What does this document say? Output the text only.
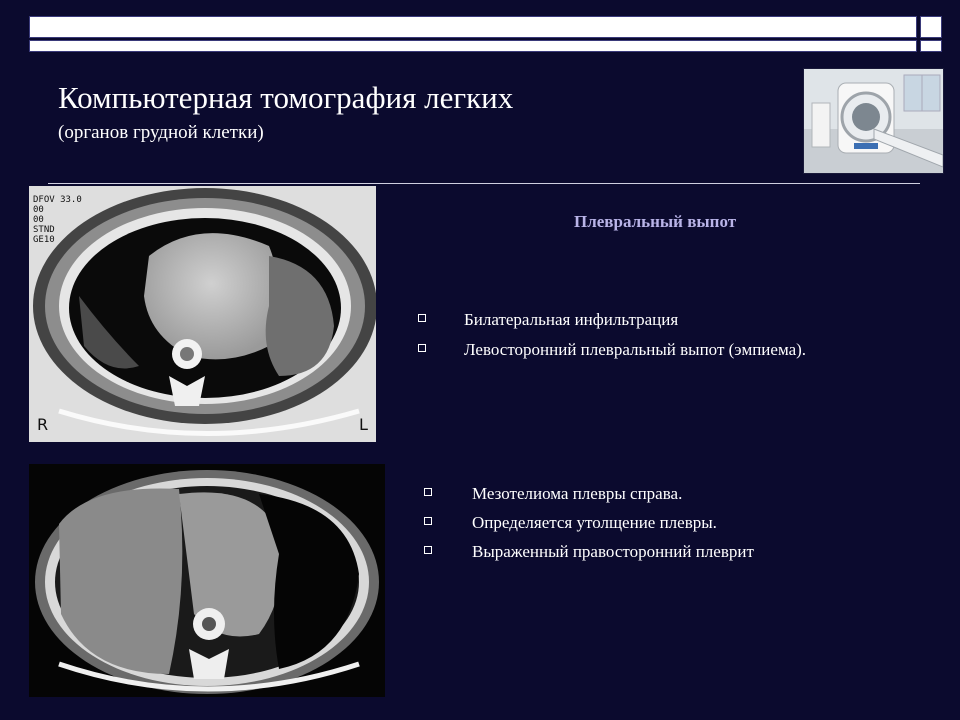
Компьютерная томография легких
(органов грудной клетки)
DFOV 33.0
00
00
STND
GE10
R	L
Плевральный выпот
Билатеральная инфильтрация
Левосторонний плевральный выпот (эмпиема).
Мезотелиома плевры справа.
Определяется утолщение плевры.
Выраженный правосторонний плеврит
